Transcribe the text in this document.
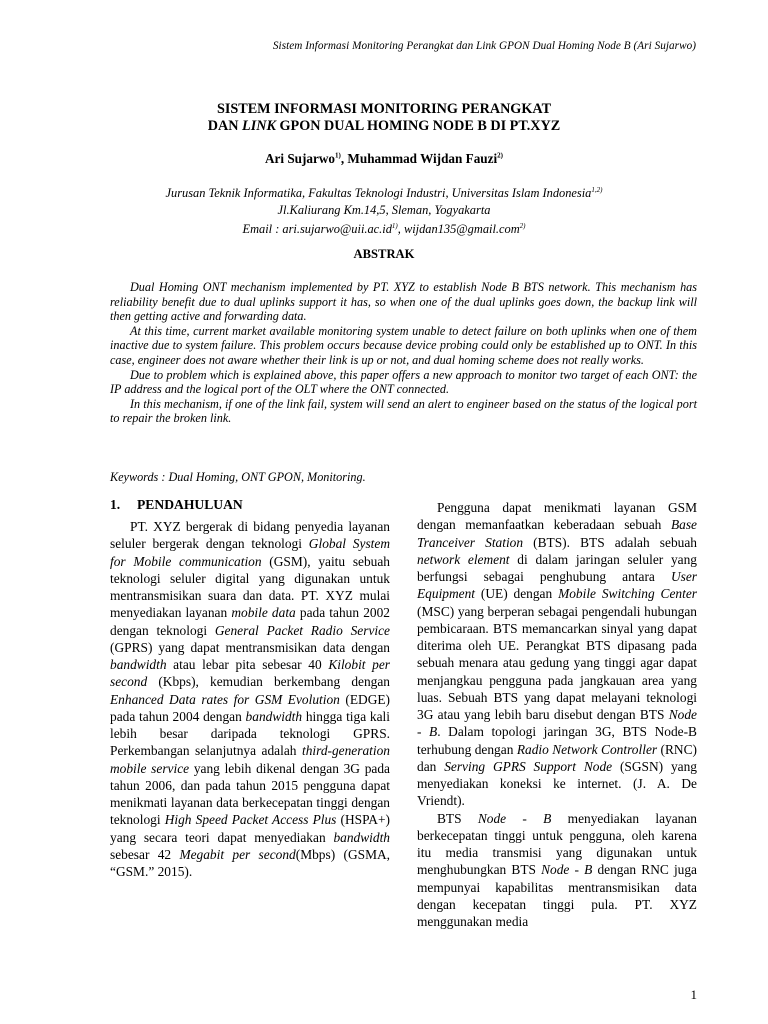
Sistem Informasi Monitoring Perangkat dan Link GPON Dual Homing Node B (Ari Sujarwo)
SISTEM INFORMASI MONITORING PERANGKAT
DAN LINK GPON DUAL HOMING NODE B DI PT.XYZ
Ari Sujarwo$^{1)}$, Muhammad Wijdan Fauzi$^{2)}$
Jurusan Teknik Informatika, Fakultas Teknologi Industri, Universitas Islam Indonesia$^{1,2)}$
Jl.Kaliurang Km.14,5, Sleman, Yogyakarta
Email : $ari.sujarwo@uii.ac.id^{1)}$, wijdan135@gmail.com$^{2)}$
ABSTRAK

Dual Homing ONT mechanism implemented by PT. XYZ to establish Node B BTS network. This mechanism has reliability benefit due to dual uplinks support it has, so when one of the dual uplinks goes down, the backup link will then getting active and forwarding data.

At this time, current market available monitoring system unable to detect failure on both uplinks when one of them inactive due to system failure. This problem occurs because device probing could only be established up to ONT. In this case, engineer does not aware whether their link is up or not, and dual homing scheme does not really works.

Due to problem which is explained above, this paper offers a new approach to monitor two target of each ONT: the IP address and the logical port of the OLT where the ONT connected.

In this mechanism, if one of the link fail, system will send an alert to engineer based on the status of the logical port to repair the broken link.

Keywords : Dual Homing, ONT GPON, Monitoring.
1. PENDAHULUAN

PT. XYZ bergerak di bidang penyedia layanan seluler bergerak dengan teknologi Global System for Mobile communication (GSM), yaitu sebuah teknologi seluler digital yang digunakan untuk mentransmisikan suara dan data. PT. XYZ mulai menyediakan layanan mobile data pada tahun 2002 dengan teknologi General Packet Radio Service (GPRS) yang dapat mentransmisikan data dengan bandwidth atau lebar pita sebesar 40 Kilobit per second (Kbps), kemudian berkembang dengan Enhanced Data rates for GSM Evolution (EDGE) pada tahun 2004 dengan bandwidth hingga tiga kali lebih besar daripada teknologi GPRS. Perkembangan selanjutnya adalah third-generation mobile service yang lebih dikenal dengan 3G pada tahun 2006, dan pada tahun 2015 pengguna dapat menikmati layanan data berkecepatan tinggi dengan teknologi High Speed Packet Access Plus (HSPA+) yang secara teori dapat menyediakan bandwidth sebesar 42 Megabit per second(Mbps) (GSMA, “GSM.” 2015).

Pengguna dapat menikmati layanan GSM dengan memanfaatkan keberadaan sebuah Base Tranceiver Station (BTS). BTS adalah sebuah network element di dalam jaringan seluler yang berfungsi sebagai penghubung antara User Equipment (UE) dengan Mobile Switching Center (MSC) yang berperan sebagai pengendali hubungan pembicaraan. BTS memancarkan sinyal yang dapat diterima oleh UE. Perangkat BTS dipasang pada sebuah menara atau gedung yang tinggi agar dapat menjangkau pengguna pada jangkauan area yang luas. Sebuah BTS yang dapat melayani teknologi 3G atau yang lebih baru disebut dengan BTS Node - B. Dalam topologi jaringan 3G, BTS Node-B terhubung dengan Radio Network Controller (RNC) dan Serving GPRS Support Node (SGSN) yang menyediakan koneksi ke internet. (J. A. De Vriendt).

BTS Node - B menyediakan layanan berkecepatan tinggi untuk pengguna, oleh karena itu media transmisi yang digunakan untuk menghubungkan BTS Node - B dengan RNC juga mempunyai kapabilitas mentransmisikan data dengan kecepatan tinggi pula. PT. XYZ menggunakan media

1
